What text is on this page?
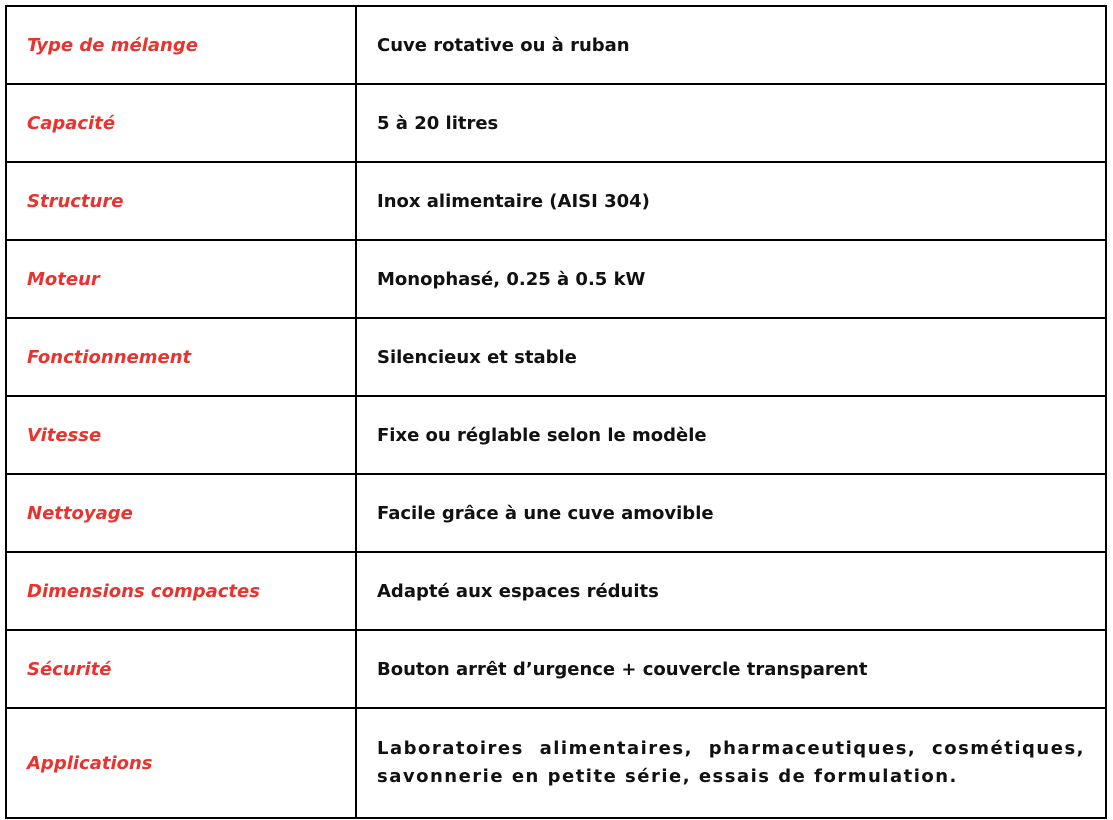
Type de mélange	Cuve rotative ou à ruban
Capacité	5 à 20 litres
Structure	Inox alimentaire (AISI 304)
Moteur	Monophasé, 0.25 à 0.5 kW
Fonctionnement	Silencieux et stable
Vitesse	Fixe ou réglable selon le modèle
Nettoyage	Facile grâce à une cuve amovible
Dimensions compactes	Adapté aux espaces réduits
Sécurité	Bouton arrêt d’urgence + couvercle transparent
Applications	Laboratoires alimentaires, pharmaceutiques, cosmétiques, savonnerie en petite série, essais de formulation.
